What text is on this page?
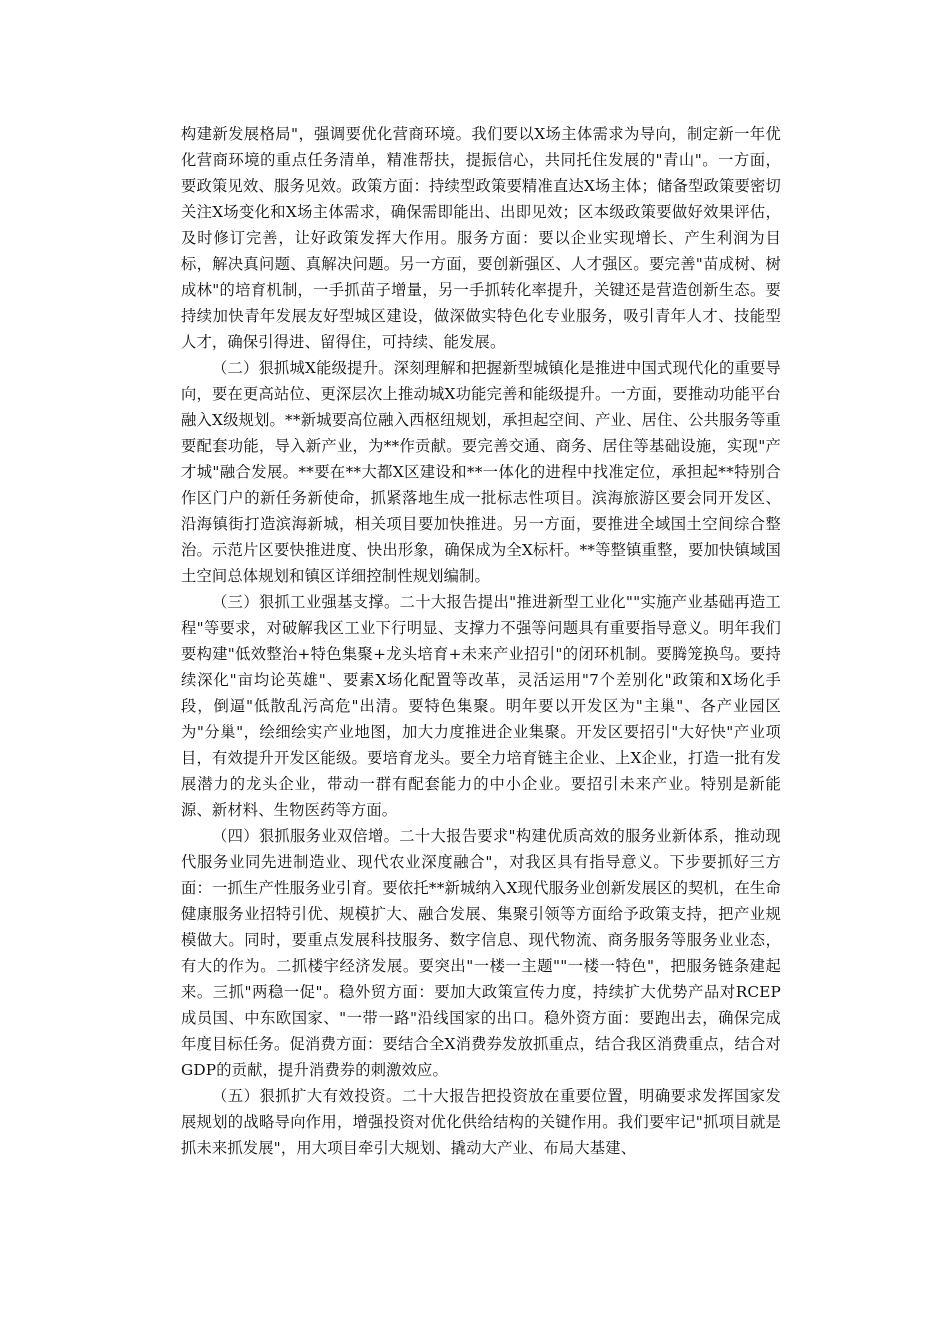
构建新发展格局"，强调要优化营商环境。我们要以X场主体需求为导向，制定新一年优化营商环境的重点任务清单，精准帮扶，提振信心，共同托住发展的"青山"。一方面，要政策见效、服务见效。政策方面：持续型政策要精准直达X场主体；储备型政策要密切关注X场变化和X场主体需求，确保需即能出、出即见效；区本级政策要做好效果评估，及时修订完善，让好政策发挥大作用。服务方面：要以企业实现增长、产生利润为目标，解决真问题、真解决问题。另一方面，要创新强区、人才强区。要完善"苗成树、树成林"的培育机制，一手抓苗子增量，另一手抓转化率提升，关键还是营造创新生态。要持续加快青年发展友好型城区建设，做深做实特色化专业服务，吸引青年人才、技能型人才，确保引得进、留得住，可持续、能发展。

（二）狠抓城X能级提升。深刻理解和把握新型城镇化是推进中国式现代化的重要导向，要在更高站位、更深层次上推动城X功能完善和能级提升。一方面，要推动功能平台融入X级规划。**新城要高位融入西枢纽规划，承担起空间、产业、居住、公共服务等重要配套功能，导入新产业，为**作贡献。要完善交通、商务、居住等基础设施，实现"产才城"融合发展。**要在**大都X区建设和**一体化的进程中找准定位，承担起**特别合作区门户的新任务新使命，抓紧落地生成一批标志性项目。滨海旅游区要会同开发区、沿海镇街打造滨海新城，相关项目要加快推进。另一方面，要推进全域国土空间综合整治。示范片区要快推进度、快出形象，确保成为全X标杆。**等整镇重整，要加快镇域国土空间总体规划和镇区详细控制性规划编制。

（三）狠抓工业强基支撑。二十大报告提出"推进新型工业化""实施产业基础再造工程"等要求，对破解我区工业下行明显、支撑力不强等问题具有重要指导意义。明年我们要构建"低效整治+特色集聚+龙头培育+未来产业招引"的闭环机制。要腾笼换鸟。要持续深化"亩均论英雄"、要素X场化配置等改革，灵活运用"7个差别化"政策和X场化手段，倒逼"低散乱污高危"出清。要特色集聚。明年要以开发区为"主巢"、各产业园区为"分巢"，绘细绘实产业地图，加大力度推进企业集聚。开发区要招引"大好快"产业项目，有效提升开发区能级。要培育龙头。要全力培育链主企业、上X企业，打造一批有发展潜力的龙头企业，带动一群有配套能力的中小企业。要招引未来产业。特别是新能源、新材料、生物医药等方面。

（四）狠抓服务业双倍增。二十大报告要求"构建优质高效的服务业新体系，推动现代服务业同先进制造业、现代农业深度融合"，对我区具有指导意义。下步要抓好三方面：一抓生产性服务业引育。要依托**新城纳入X现代服务业创新发展区的契机，在生命健康服务业招特引优、规模扩大、融合发展、集聚引领等方面给予政策支持，把产业规模做大。同时，要重点发展科技服务、数字信息、现代物流、商务服务等服务业业态，有大的作为。二抓楼宇经济发展。要突出"一楼一主题""一楼一特色"，把服务链条建起来。三抓"两稳一促"。稳外贸方面：要加大政策宣传力度，持续扩大优势产品对RCEP成员国、中东欧国家、"一带一路"沿线国家的出口。稳外资方面：要跑出去，确保完成年度目标任务。促消费方面：要结合全X消费券发放抓重点，结合我区消费重点，结合对GDP的贡献，提升消费券的刺激效应。

（五）狠抓扩大有效投资。二十大报告把投资放在重要位置，明确要求发挥国家发展规划的战略导向作用，增强投资对优化供给结构的关键作用。我们要牢记"抓项目就是抓未来抓发展"，用大项目牵引大规划、撬动大产业、布局大基建、
